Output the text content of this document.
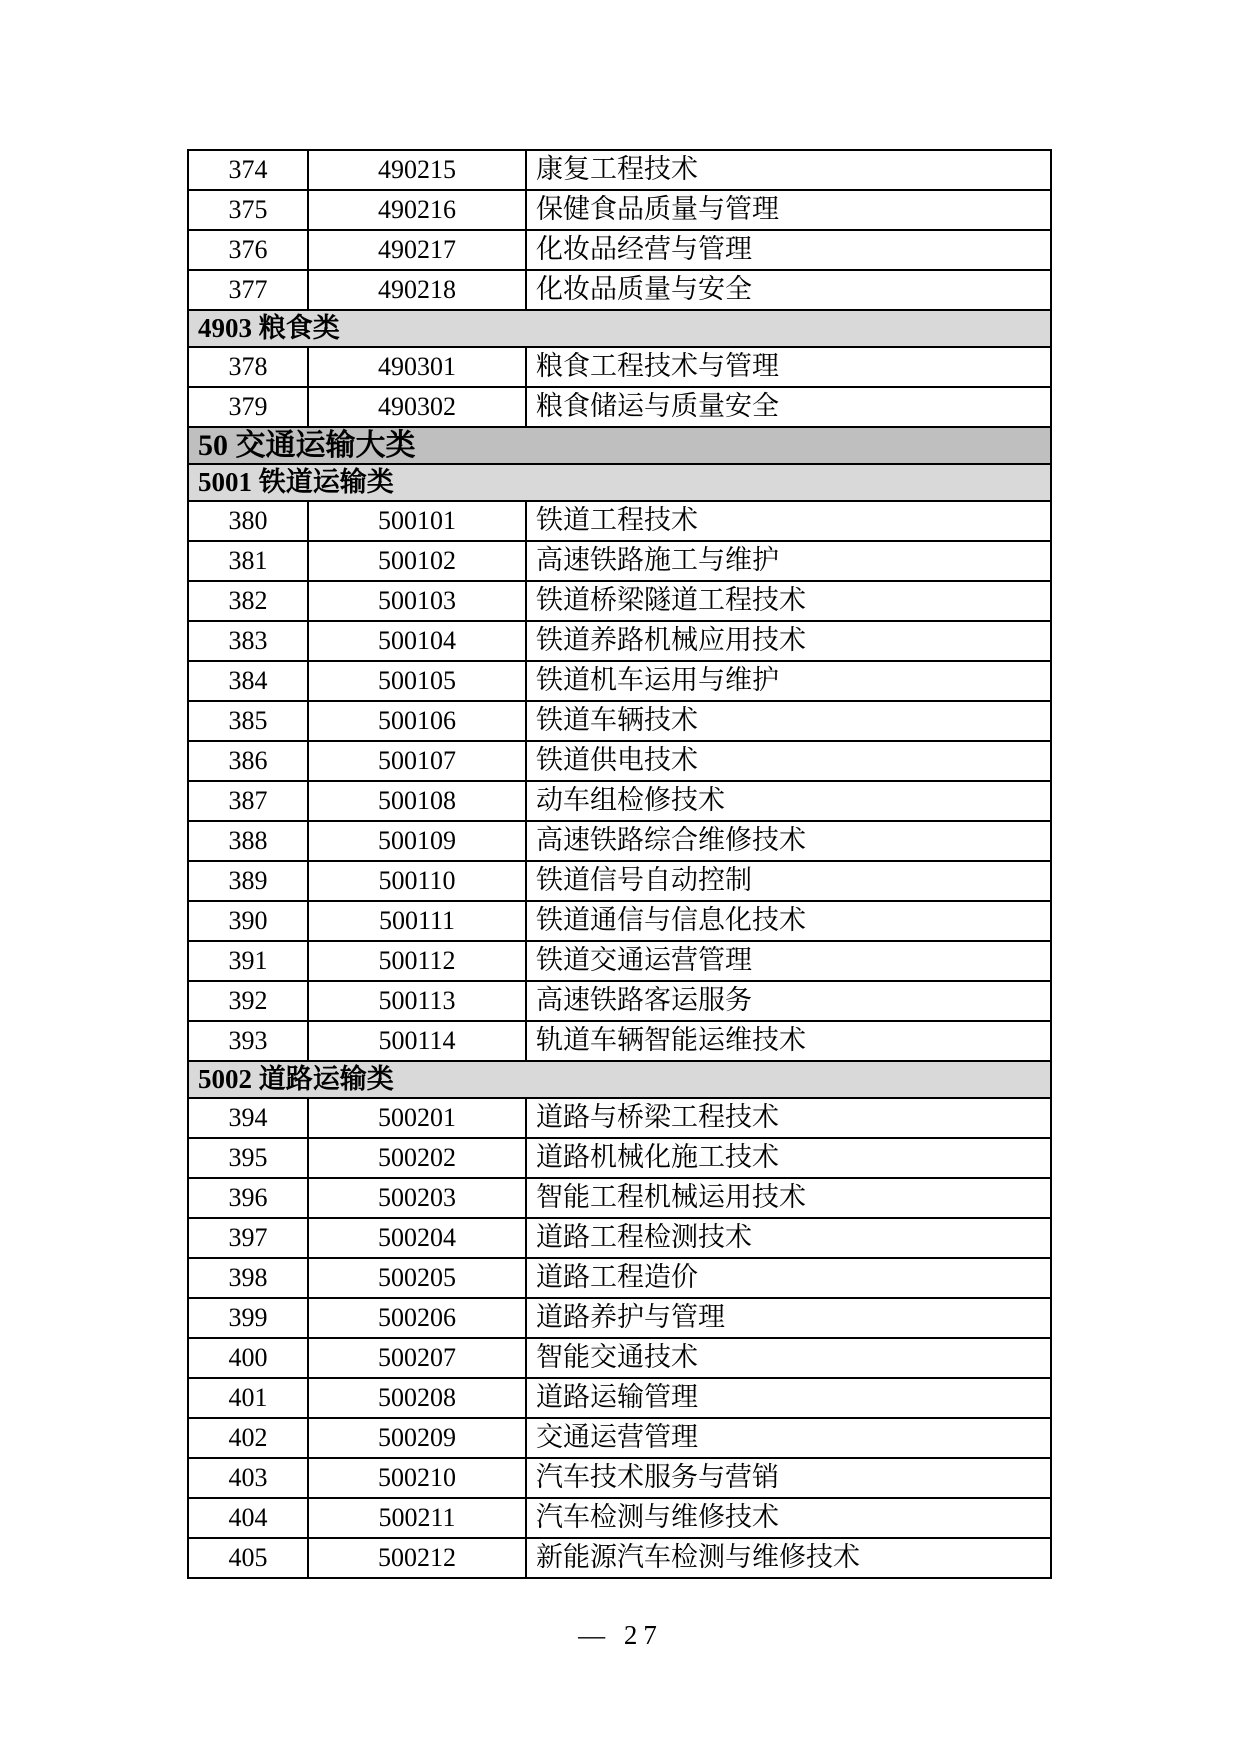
374	490215	康复工程技术
375	490216	保健食品质量与管理
376	490217	化妆品经营与管理
377	490218	化妆品质量与安全
4903 粮食类		
378	490301	粮食工程技术与管理
379	490302	粮食储运与质量安全
50 交通运输大类		
5001 铁道运输类		
380	500101	铁道工程技术
381	500102	高速铁路施工与维护
382	500103	铁道桥梁隧道工程技术
383	500104	铁道养路机械应用技术
384	500105	铁道机车运用与维护
385	500106	铁道车辆技术
386	500107	铁道供电技术
387	500108	动车组检修技术
388	500109	高速铁路综合维修技术
389	500110	铁道信号自动控制
390	500111	铁道通信与信息化技术
391	500112	铁道交通运营管理
392	500113	高速铁路客运服务
393	500114	轨道车辆智能运维技术
5002 道路运输类		
394	500201	道路与桥梁工程技术
395	500202	道路机械化施工技术
396	500203	智能工程机械运用技术
397	500204	道路工程检测技术
398	500205	道路工程造价
399	500206	道路养护与管理
400	500207	智能交通技术
401	500208	道路运输管理
402	500209	交通运营管理
403	500210	汽车技术服务与营销
404	500211	汽车检测与维修技术
405	500212	新能源汽车检测与维修技术
— 27
